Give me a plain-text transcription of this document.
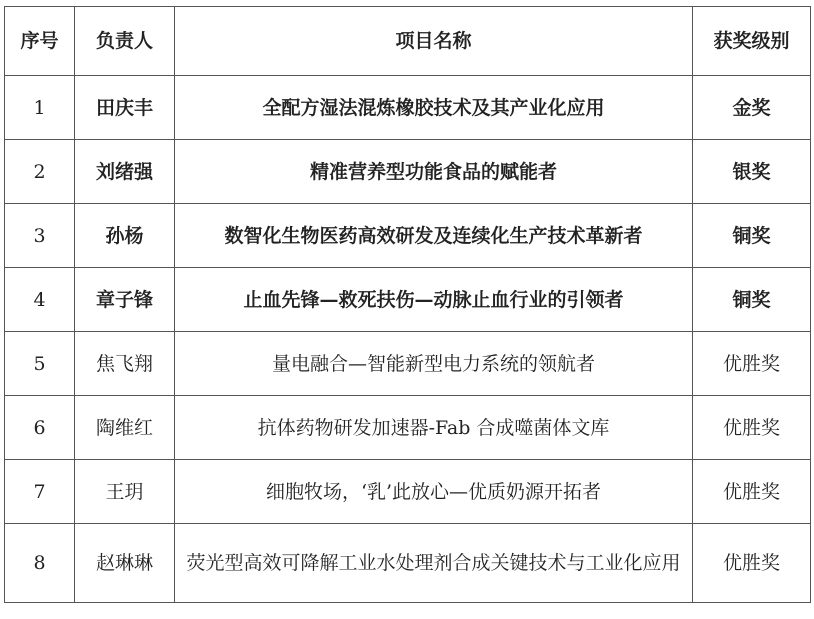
序号	负责人	项目名称	获奖级别
1	田庆丰	全配方湿法混炼橡胶技术及其产业化应用	金奖
2	刘绪强	精准营养型功能食品的赋能者	银奖
3	孙杨	数智化生物医药高效研发及连续化生产技术革新者	铜奖
4	章子锋	止血先锋—救死扶伤—动脉止血行业的引领者	铜奖
5	焦飞翔	量电融合—智能新型电力系统的领航者	优胜奖
6	陶维红	抗体药物研发加速器-Fab 合成噬菌体文库	优胜奖
7	王玥	细胞牧场，‘乳’此放心—优质奶源开拓者	优胜奖
8	赵琳琳	荧光型高效可降解工业水处理剂合成关键技术与工业化应用	优胜奖
